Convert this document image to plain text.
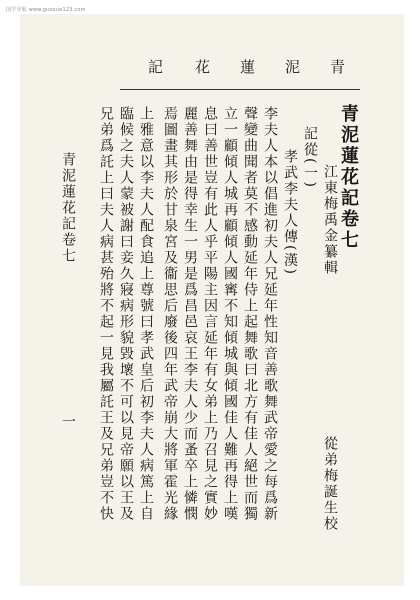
国学导航 www.guoxue123.com
青
泥
蓮
花
記
青泥蓮花記卷七
江東梅禹金纂輯
從弟梅誕生校
記從(一)
孝武李夫人傳(漢)
李夫人本以倡進初夫人兄延年性知音善歌舞武帝愛之每爲新
聲變曲聞者莫不感動延年侍上起舞歌曰北方有佳人絕世而獨
立一顧傾人城再顧傾人國寗不知傾城與傾國佳人難再得上嘆
息曰善世豈有此人乎平陽主因言延年有女弟上乃召見之實妙
麗善舞由是得幸生一男是爲昌邑哀王李夫人少而蚤卒上憐憫
焉圖畫其形於甘泉宮及衞思后廢後四年武帝崩大將軍霍光緣
上雅意以李夫人配食追上尊號曰孝武皇后初李夫人病篤上自
臨候之夫人蒙被謝曰妾久寢病形貌毀壞不可以見帝願以王及
兄弟爲託上曰夫人病甚殆將不起一見我屬託王及兄弟豈不快
青泥蓮花記卷七
一
